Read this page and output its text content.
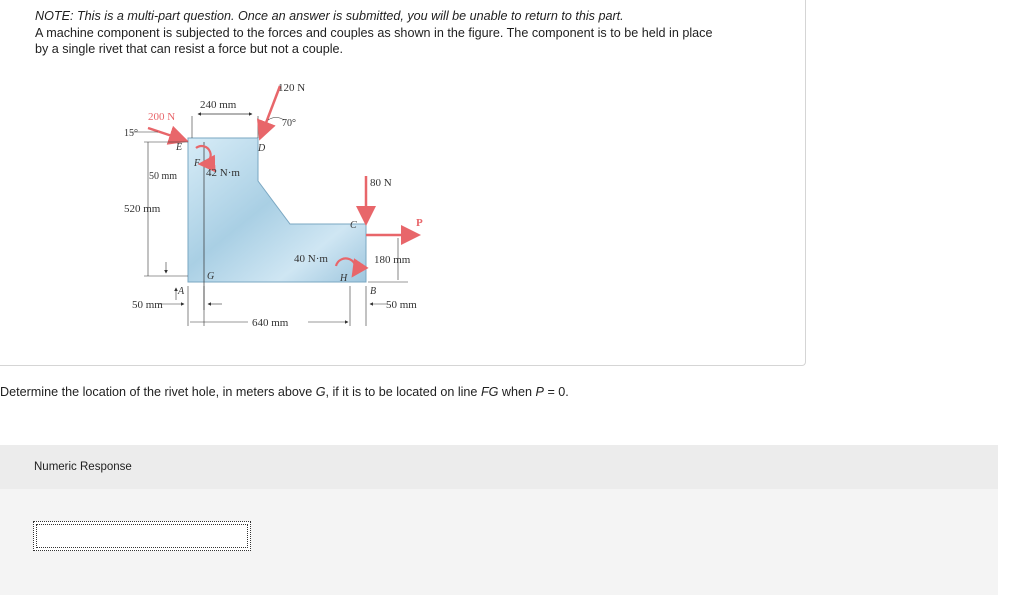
NOTE: This is a multi-part question. Once an answer is submitted, you will be unable to return to this part.

A machine component is subjected to the forces and couples as shown in the figure. The component is to be held in place

by a single rivet that can resist a force but not a couple.

120 N
240 mm
70°
200 N
15°
E
F
D
42 N·m
50 mm
80 N
520 mm
C	P
40 N·m	180 mm
G	H
A	B
50 mm	50 mm
640 mm
Determine the location of the rivet hole, in meters above G, if it is to be located on line FG when P = 0.
Numeric Response
